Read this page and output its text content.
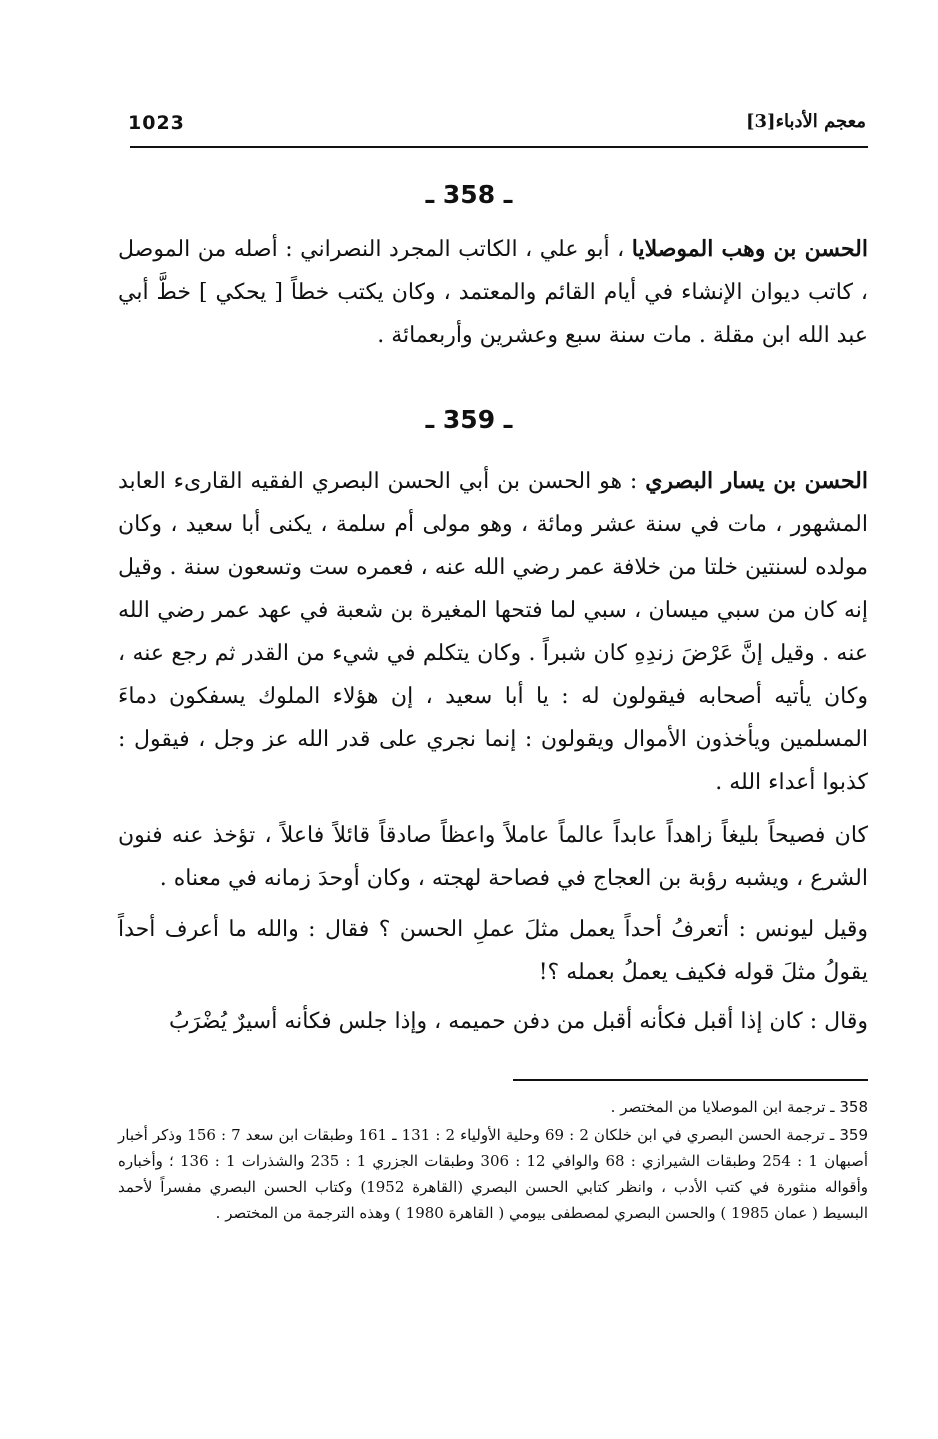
1023	معجم الأدباء[3]
ـ 358 ـ

الحسن بن وهب الموصلايا ، أبو علي ، الكاتب المجرد النصراني : أصله من الموصل ، كاتب ديوان الإنشاء في أيام القائم والمعتمد ، وكان يكتب خطاً [ يحكي ] خطَّ أبي عبد الله ابن مقلة . مات سنة سبع وعشرين وأربعمائة .

ـ 359 ـ

الحسن بن يسار البصري : هو الحسن بن أبي الحسن البصري الفقيه القارىء العابد المشهور ، مات في سنة عشر ومائة ، وهو مولى أم سلمة ، يكنى أبا سعيد ، وكان مولده لسنتين خلتا من خلافة عمر رضي الله عنه ، فعمره ست وتسعون سنة . وقيل إنه كان من سبي ميسان ، سبي لما فتحها المغيرة بن شعبة في عهد عمر رضي الله عنه . وقيل إنَّ عَرْضَ زندِهِ كان شبراً . وكان يتكلم في شيء من القدر ثم رجع عنه ، وكان يأتيه أصحابه فيقولون له : يا أبا سعيد ، إن هؤلاء الملوك يسفكون دماءَ المسلمين ويأخذون الأموال ويقولون : إنما نجري على قدر الله عز وجل ، فيقول : كذبوا أعداء الله .

كان فصيحاً بليغاً زاهداً عابداً عالماً عاملاً واعظاً صادقاً قائلاً فاعلاً ، تؤخذ عنه فنون الشرع ، ويشبه رؤبة بن العجاج في فصاحة لهجته ، وكان أوحدَ زمانه في معناه .

وقيل ليونس : أتعرفُ أحداً يعمل مثلَ عملِ الحسن ؟ فقال : والله ما أعرف أحداً يقولُ مثلَ قوله فكيف يعملُ بعمله ؟!

وقال : كان إذا أقبل فكأنه أقبل من دفن حميمه ، وإذا جلس فكأنه أسيرٌ يُضْرَبُ

358 ـ ترجمة ابن الموصلايا من المختصر .

359 ـ ترجمة الحسن البصري في ابن خلكان 2 : 69 وحلية الأولياء 2 : 131 ـ 161 وطبقات ابن سعد 7 : 156 وذكر أخبار أصبهان 1 : 254 وطبقات الشيرازي : 68 والوافي 12 : 306 وطبقات الجزري 1 : 235 والشذرات 1 : 136 ؛ وأخباره وأقواله منثورة في كتب الأدب ، وانظر كتابي الحسن البصري (القاهرة 1952) وكتاب الحسن البصري مفسراً لأحمد البسيط ( عمان 1985 ) والحسن البصري لمصطفى بيومي ( القاهرة 1980 ) وهذه الترجمة من المختصر .
